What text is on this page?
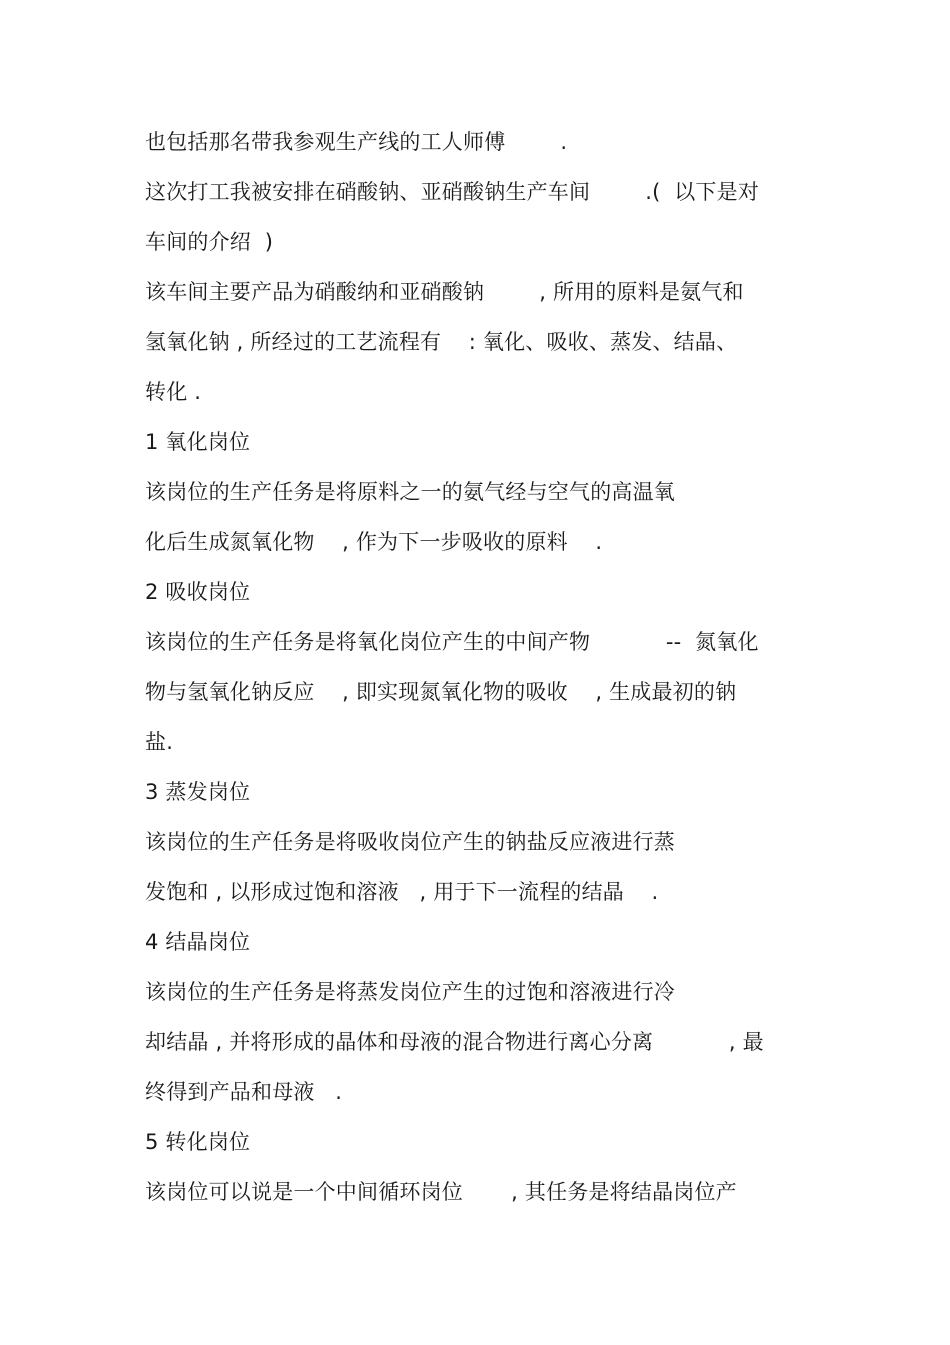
也包括那名带我参观生产线的工人师傅        .
这次打工我被安排在硝酸钠、亚硝酸钠生产车间        .(  以下是对
车间的介绍  )
该车间主要产品为硝酸纳和亚硝酸钠        , 所用的原料是氨气和
氢氧化钠 , 所经过的工艺流程有    : 氧化、吸收、蒸发、结晶、
转化 .
1 氧化岗位
该岗位的生产任务是将原料之一的氨气经与空气的高温氧
化后生成氮氧化物    , 作为下一步吸收的原料    .
2 吸收岗位
该岗位的生产任务是将氧化岗位产生的中间产物           --  氮氧化
物与氢氧化钠反应    , 即实现氮氧化物的吸收    , 生成最初的钠
盐.
3 蒸发岗位
该岗位的生产任务是将吸收岗位产生的钠盐反应液进行蒸
发饱和 , 以形成过饱和溶液   , 用于下一流程的结晶    .
4 结晶岗位
该岗位的生产任务是将蒸发岗位产生的过饱和溶液进行冷
却结晶 , 并将形成的晶体和母液的混合物进行离心分离           , 最
终得到产品和母液   .
5 转化岗位
该岗位可以说是一个中间循环岗位       , 其任务是将结晶岗位产
